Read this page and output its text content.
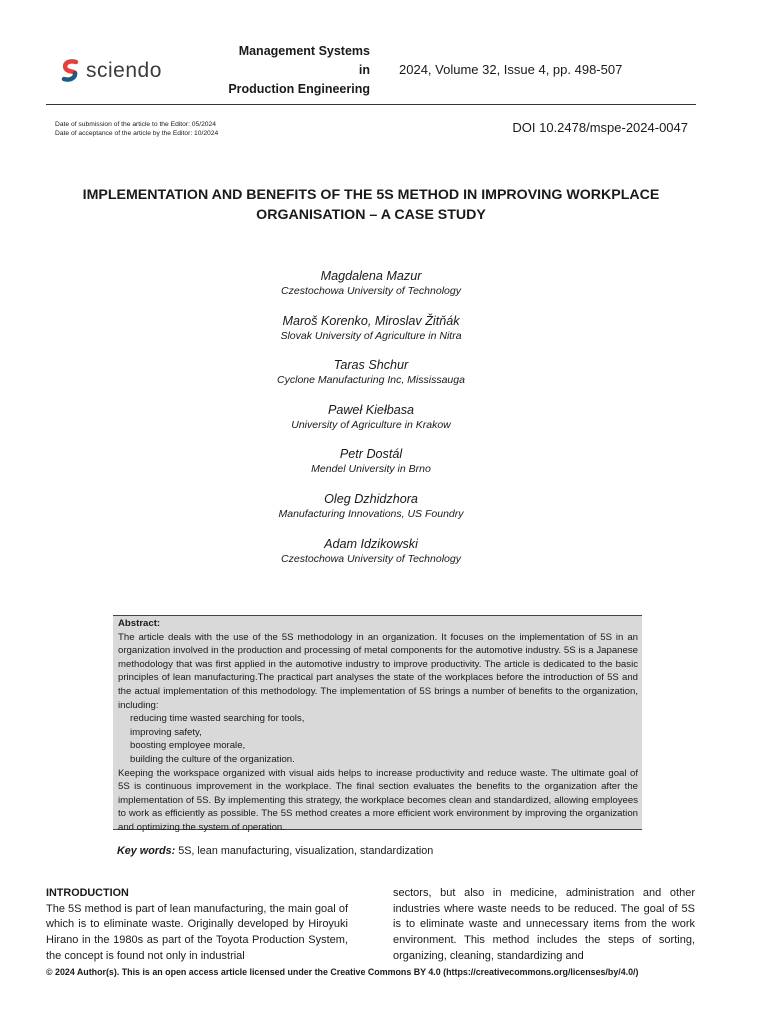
sciendo
Management Systems
in
Production Engineering
2024, Volume 32, Issue 4, pp. 498-507
Date of submission of the article to the Editor: 05/2024
Date of acceptance of the article by the Editor: 10/2024	DOI 10.2478/mspe-2024-0047
IMPLEMENTATION AND BENEFITS OF THE 5S METHOD IN IMPROVING WORKPLACE
ORGANISATION – A CASE STUDY
Magdalena Mazur
Czestochowa University of Technology
Maroš Korenko, Miroslav Žitňák
Slovak University of Agriculture in Nitra
Taras Shchur
Cyclone Manufacturing Inc, Mississauga
Paweł Kiełbasa
University of Agriculture in Krakow
Petr Dostál
Mendel University in Brno
Oleg Dzhidzhora
Manufacturing Innovations, US Foundry
Adam Idzikowski
Czestochowa University of Technology
Abstract:

The article deals with the use of the 5S methodology in an organization. It focuses on the implementation of 5S in an organization involved in the production and processing of metal components for the automotive industry. 5S is a Japanese methodology that was first applied in the automotive industry to improve productivity. The article is dedicated to the basic principles of lean manufacturing.The practical part analyses the state of the workplaces before the introduction of 5S and the actual implementation of this methodology. The implementation of 5S brings a number of benefits to the organization, including:

reducing time wasted searching for tools,
improving safety,
boosting employee morale,
building the culture of the organization.

Keeping the workspace organized with visual aids helps to increase productivity and reduce waste. The ultimate goal of 5S is continuous improvement in the workplace. The final section evaluates the benefits to the organization after the implementation of 5S. By implementing this strategy, the workplace becomes clean and standardized, allowing employees to work as efficiently as possible. The 5S method creates a more efficient work environment by improving the organization and optimizing the system of operation.

Key words: 5S, lean manufacturing, visualization, standardization
INTRODUCTION

The 5S method is part of lean manufacturing, the main goal of which is to eliminate waste. Originally developed by Hiroyuki Hirano in the 1980s as part of the Toyota Production System, the concept is found not only in industrial

sectors, but also in medicine, administration and other industries where waste needs to be reduced. The goal of 5S is to eliminate waste and unnecessary items from the work environment. This method includes the steps of sorting, organizing, cleaning, standardizing and

© 2024 Author(s). This is an open access article licensed under the Creative Commons BY 4.0 (https://creativecommons.org/licenses/by/4.0/)
